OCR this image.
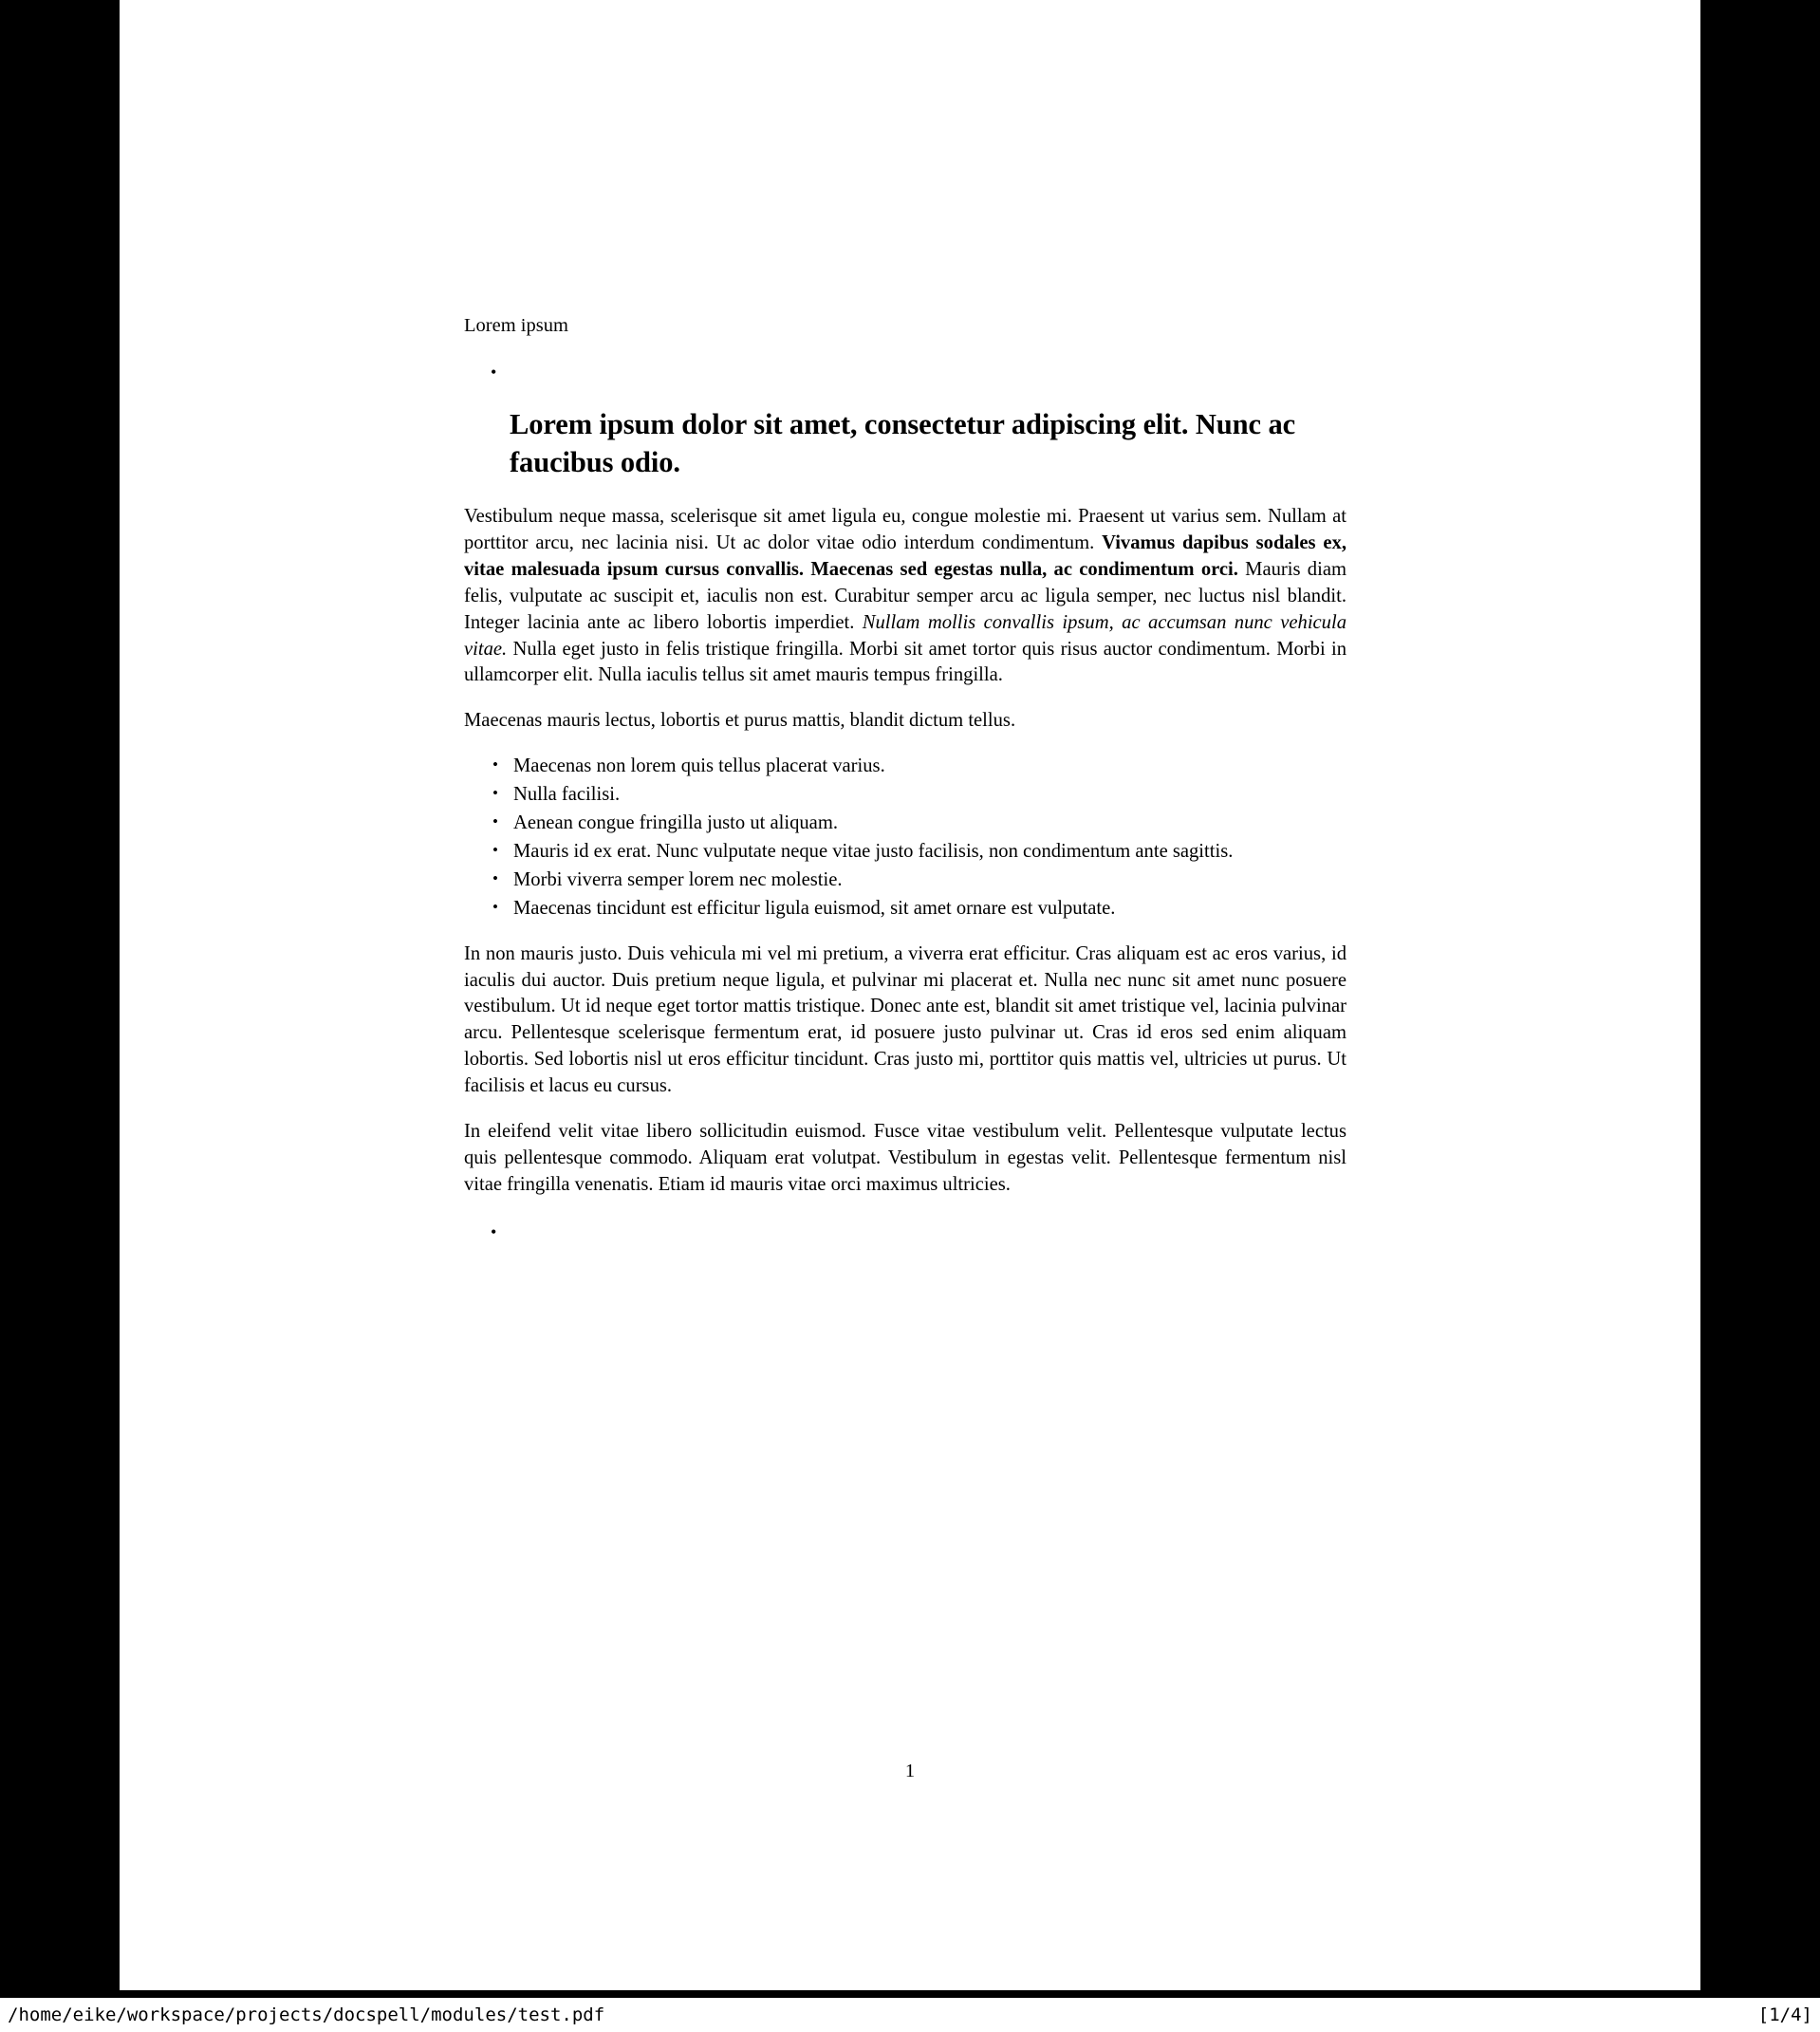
Lorem ipsum
•
Lorem ipsum dolor sit amet, consectetur adipiscing elit. Nunc ac faucibus odio.

Vestibulum neque massa, scelerisque sit amet ligula eu, congue molestie mi. Praesent ut varius sem. Nullam at porttitor arcu, nec lacinia nisi. Ut ac dolor vitae odio interdum condimentum. Vivamus dapibus sodales ex, vitae malesuada ipsum cursus convallis. Maecenas sed egestas nulla, ac condimentum orci. Mauris diam felis, vulputate ac suscipit et, iaculis non est. Curabitur semper arcu ac ligula semper, nec luctus nisl blandit. Integer lacinia ante ac libero lobortis imperdiet. Nullam mollis convallis ipsum, ac accumsan nunc vehicula vitae. Nulla eget justo in felis tristique fringilla. Morbi sit amet tortor quis risus auctor condimentum. Morbi in ullamcorper elit. Nulla iaculis tellus sit amet mauris tempus fringilla.

Maecenas mauris lectus, lobortis et purus mattis, blandit dictum tellus.

• Maecenas non lorem quis tellus placerat varius.
• Nulla facilisi.
• Aenean congue fringilla justo ut aliquam.
• Mauris id ex erat. Nunc vulputate neque vitae justo facilisis, non condimentum ante sagittis.
• Morbi viverra semper lorem nec molestie.
• Maecenas tincidunt est efficitur ligula euismod, sit amet ornare est vulputate.

In non mauris justo. Duis vehicula mi vel mi pretium, a viverra erat efficitur. Cras aliquam est ac eros varius, id iaculis dui auctor. Duis pretium neque ligula, et pulvinar mi placerat et. Nulla nec nunc sit amet nunc posuere vestibulum. Ut id neque eget tortor mattis tristique. Donec ante est, blandit sit amet tristique vel, lacinia pulvinar arcu. Pellentesque scelerisque fermentum erat, id posuere justo pulvinar ut. Cras id eros sed enim aliquam lobortis. Sed lobortis nisl ut eros efficitur tincidunt. Cras justo mi, porttitor quis mattis vel, ultricies ut purus. Ut facilisis et lacus eu cursus.

In eleifend velit vitae libero sollicitudin euismod. Fusce vitae vestibulum velit. Pellentesque vulputate lectus quis pellentesque commodo. Aliquam erat volutpat. Vestibulum in egestas velit. Pellentesque fermentum nisl vitae fringilla venenatis. Etiam id mauris vitae orci maximus ultricies.

•
1
/home/eike/workspace/projects/docspell/modules/test.pdf	[1/4]
